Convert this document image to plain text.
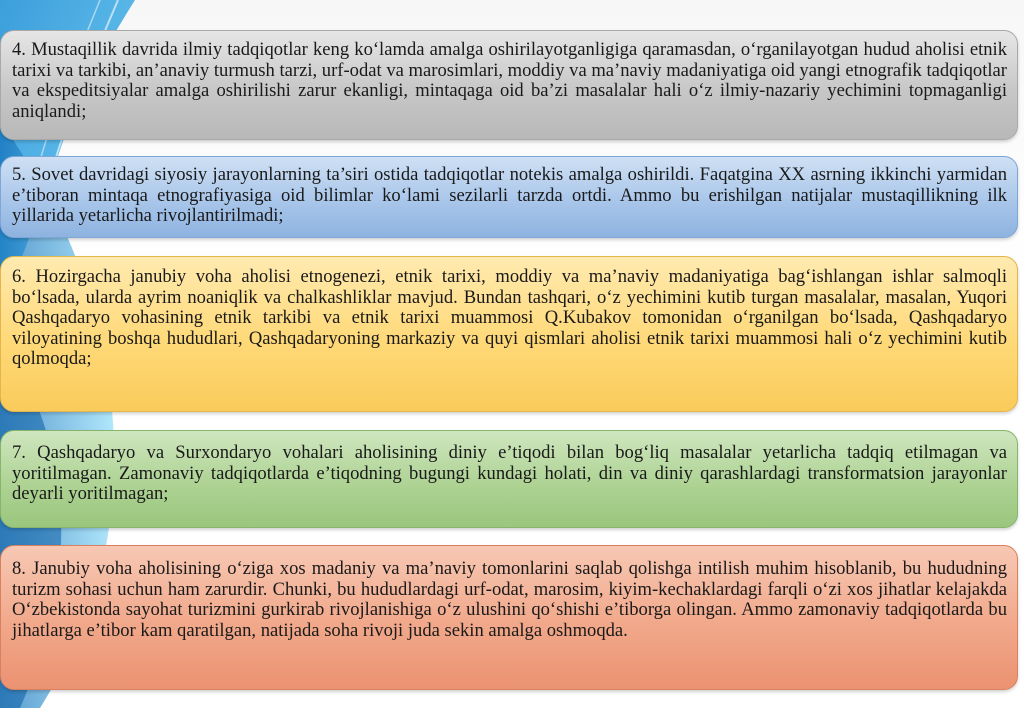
4. Mustaqillik davrida ilmiy tadqiqotlar keng ko‘lamda amalga oshirilayotganligiga qaramasdan, o‘rganilayotgan hudud aholisi etnik tarixi va tarkibi, an’anaviy turmush tarzi, urf-odat va marosimlari, moddiy va ma’naviy madaniyatiga oid yangi etnografik tadqiqotlar va ekspeditsiyalar amalga oshirilishi zarur ekanligi, mintaqaga oid ba’zi masalalar hali o‘z ilmiy-nazariy yechimini topmaganligi aniqlandi;
5. Sovet davridagi siyosiy jarayonlarning ta’siri ostida tadqiqotlar notekis amalga oshirildi. Faqatgina XX asrning ikkinchi yarmidan e’tiboran mintaqa etnografiyasiga oid bilimlar ko‘lami sezilarli tarzda ortdi. Ammo bu erishilgan natijalar mustaqillikning ilk yillarida yetarlicha rivojlantirilmadi;
6. Hozirgacha janubiy voha aholisi etnogenezi, etnik tarixi, moddiy va ma’naviy madaniyatiga bag‘ishlangan ishlar salmoqli bo‘lsada, ularda ayrim noaniqlik va chalkashliklar mavjud. Bundan tashqari, o‘z yechimini kutib turgan masalalar, masalan, Yuqori Qashqadaryo vohasining etnik tarkibi va etnik tarixi muammosi Q.Kubakov tomonidan o‘rganilgan bo‘lsada, Qashqadaryo viloyatining boshqa hududlari, Qashqadaryoning markaziy va quyi qismlari aholisi etnik tarixi muammosi hali o‘z yechimini kutib qolmoqda;
7. Qashqadaryo va Surxondaryo vohalari aholisining diniy e’tiqodi bilan bog‘liq masalalar yetarlicha tadqiq etilmagan va yoritilmagan. Zamonaviy tadqiqotlarda e’tiqodning bugungi kundagi holati, din va diniy qarashlardagi transformatsion jarayonlar deyarli yoritilmagan;
8. Janubiy voha aholisining o‘ziga xos madaniy va ma’naviy tomonlarini saqlab qolishga intilish muhim hisoblanib, bu hududning turizm sohasi uchun ham zarurdir. Chunki, bu hududlardagi urf-odat, marosim, kiyim-kechaklardagi farqli o‘zi xos jihatlar kelajakda O‘zbekistonda sayohat turizmini gurkirab rivojlanishiga o‘z ulushini qo‘shishi e’tiborga olingan. Ammo zamonaviy tadqiqotlarda bu jihatlarga e’tibor kam qaratilgan, natijada soha rivoji juda sekin amalga oshmoqda.
